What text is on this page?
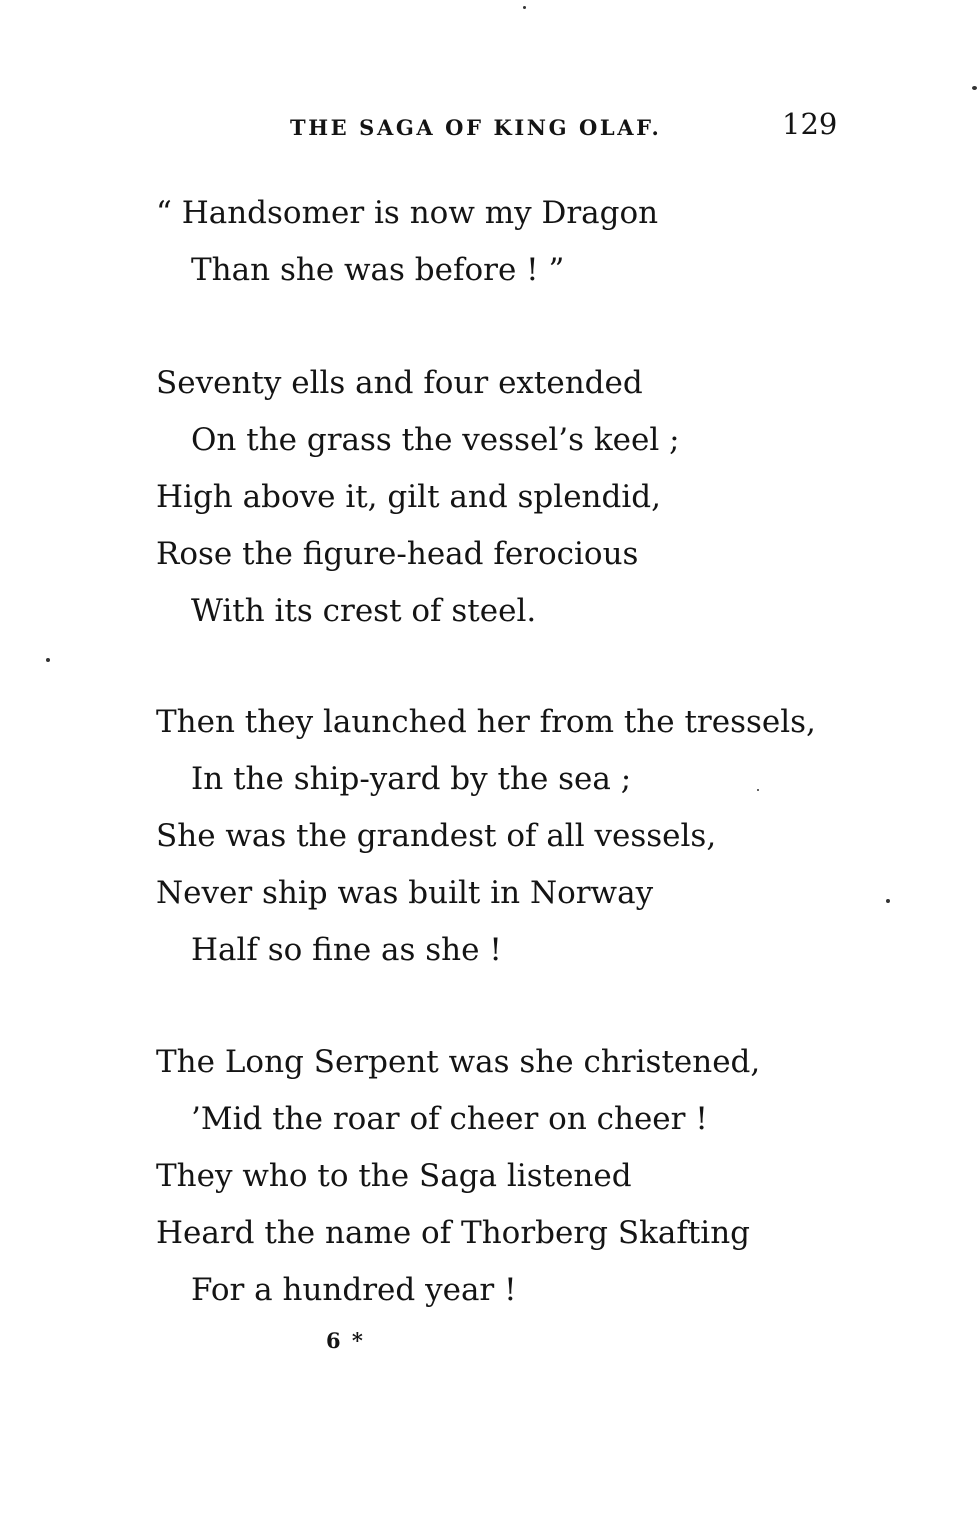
THE SAGA OF KING OLAF.	129
“ Handsomer is now my Dragon
Than she was before ! ”
Seventy ells and four extended
On the grass the vessel’s keel ;
High above it, gilt and splendid,
Rose the figure-head ferocious
With its crest of steel.
Then they launched her from the tressels,
In the ship-yard by the sea ;
She was the grandest of all vessels,
Never ship was built in Norway
Half so fine as she !
The Long Serpent was she christened,
’Mid the roar of cheer on cheer !
They who to the Saga listened
Heard the name of Thorberg Skafting
For a hundred year !
6 *
